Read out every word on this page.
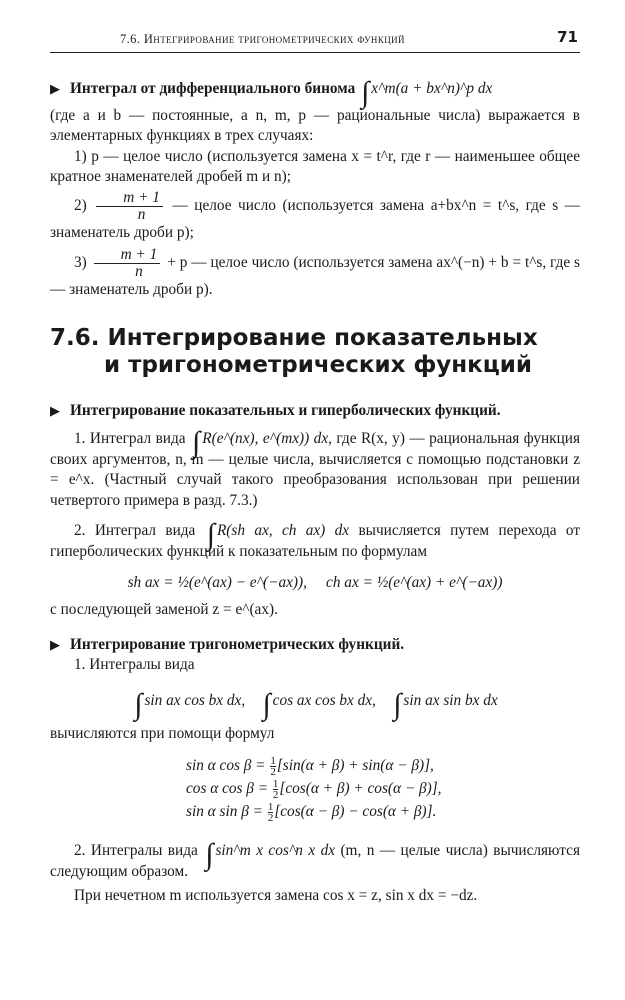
7.6. Интегрирование тригонометрических функций	71

▶ Интеграл от дифференциального бинома ∫ x^m(a + bx^n)^p dx

(где a и b — постоянные, a n, m, p — рациональные числа) выражается в элементарных функциях в трех случаях:

1) p — целое число (используется замена x = t^r, где r — наименьшее общее кратное знаменателей дробей m и n);

$2) \frac{m + 1}{n}$ — целое число (используется замена a+bx^n = t^s, где s — знаменатель дроби p);

$3) \frac{m + 1}{n} + p$ — целое число (используется замена ax^(−n) + b = t^s, где s — знаменатель дроби p).

7.6. Интегрирование показательных
и тригонометрических функций

▶ Интегрирование показательных и гиперболических функций.

1. Интеграл вида ∫ R(e^(nx), e^(mx)) dx, где R(x, y) — рациональная функция своих аргументов, n, m — целые числа, вычисляется с помощью подстановки z = e^x. (Частный случай такого преобразования использован при решении четвертого примера в разд. 7.3.)

2. Интеграл вида ∫ R(sh ax, ch ax) dx вычисляется путем перехода от гиперболических функций к показательным по формулам

sh ax = ½(e^(ax) − e^(−ax)), ch ax = ½(e^(ax) + e^(−ax))

с последующей заменой z = e^(ax).

▶ Интегрирование тригонометрических функций.

1. Интегралы вида

∫ sin ax cos bx dx, ∫ cos ax cos bx dx, ∫ sin ax sin bx dx

вычисляются при помощи формул

sin α $\cos \beta = \frac{1}{2} [\sin(\alpha + \beta) + \sin(\alpha - \beta)]$,
cos α $\cos \beta = \frac{1}{2} [\cos(\alpha + \beta) + \cos(\alpha - \beta)]$,
sin α $\sin \beta = \frac{1}{2} [\cos(\alpha - \beta) - \cos(\alpha + \beta)]$.

2. Интегралы вида ∫ sin^m x cos^n x dx (m, n — целые числа) вычисляются следующим образом.

При нечетном m используется замена cos x = z, sin x dx = −dz.
